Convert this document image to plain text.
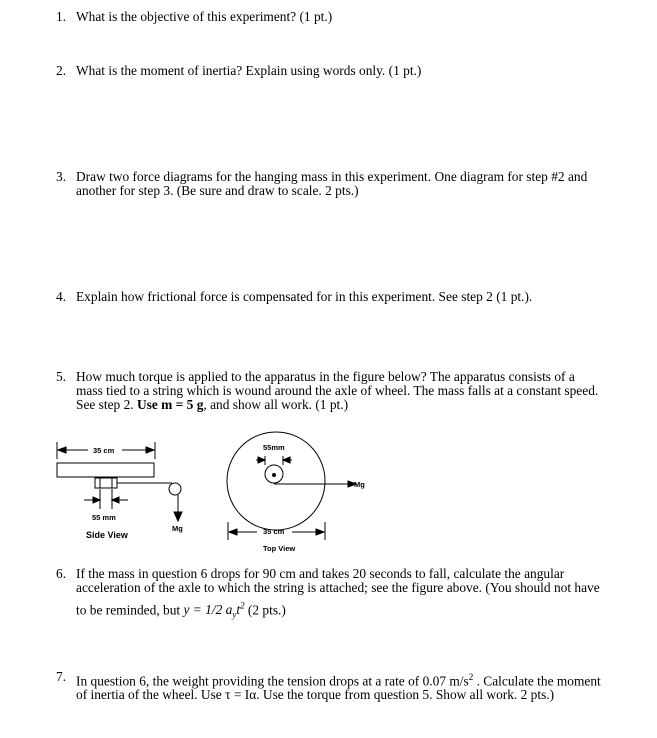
1. What is the objective of this experiment? (1 pt.)

2. What is the moment of inertia? Explain using words only. (1 pt.)

3. Draw two force diagrams for the hanging mass in this experiment. One diagram for step #2 and

another for step 3. (Be sure and draw to scale. 2 pts.)

4. Explain how frictional force is compensated for in this experiment. See step 2 (1 pt.).

5. How much torque is applied to the apparatus in the figure below? The apparatus consists of a

mass tied to a string which is wound around the axle of wheel. The mass falls at a constant speed.

See step 2. Use m = 5 g, and show all work. (1 pt.)

35 cm
55 mm
Mg
Side View
55mm
Mg
35 cm
Top View
6. If the mass in question 6 drops for 90 cm and takes 20 seconds to fall, calculate the angular

acceleration of the axle to which the string is attached; see the figure above. (You should not have

to be reminded, but y = 1/2 $a_yt^2$ (2 pts.)

7. In question 6, the weight providing the tension drops at a rate of 0.07 $m/s^2$ . Calculate the moment

of inertia of the wheel. Use τ = Iα. Use the torque from question 5. Show all work. 2 pts.)
